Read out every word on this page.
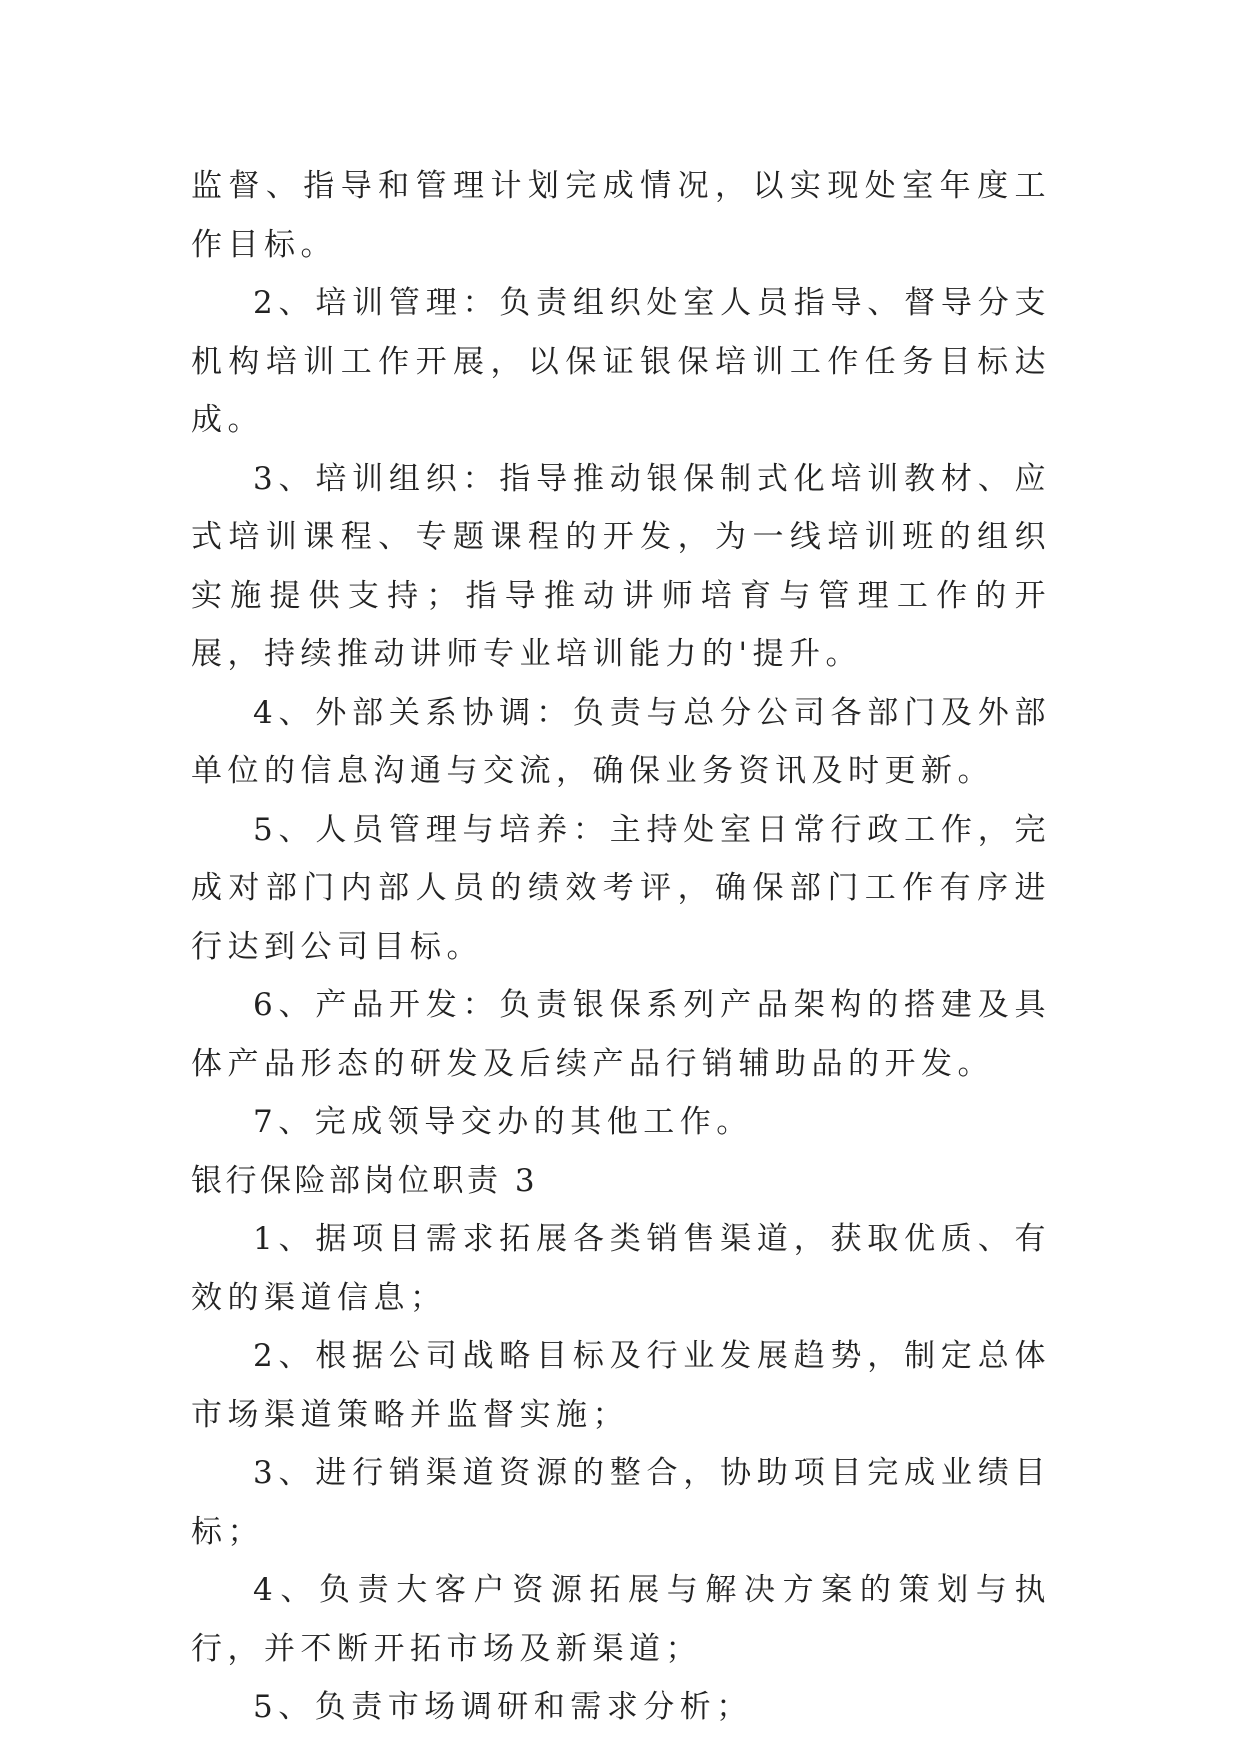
监督、指导和管理计划完成情况，以实现处室年度工作目标。

2、培训管理：负责组织处室人员指导、督导分支机构培训工作开展，以保证银保培训工作任务目标达成。

3、培训组织：指导推动银保制式化培训教材、应式培训课程、专题课程的开发，为一线培训班的组织实施提供支持；指导推动讲师培育与管理工作的开展，持续推动讲师专业培训能力的'提升。

4、外部关系协调：负责与总分公司各部门及外部单位的信息沟通与交流，确保业务资讯及时更新。

5、人员管理与培养：主持处室日常行政工作，完成对部门内部人员的绩效考评，确保部门工作有序进行达到公司目标。

6、产品开发：负责银保系列产品架构的搭建及具体产品形态的研发及后续产品行销辅助品的开发。

7、完成领导交办的其他工作。

银行保险部岗位职责 3

1、据项目需求拓展各类销售渠道，获取优质、有效的渠道信息；

2、根据公司战略目标及行业发展趋势，制定总体市场渠道策略并监督实施；

3、进行销渠道资源的整合，协助项目完成业绩目标；

4、负责大客户资源拓展与解决方案的策划与执行，并不断开拓市场及新渠道；

5、负责市场调研和需求分析；
